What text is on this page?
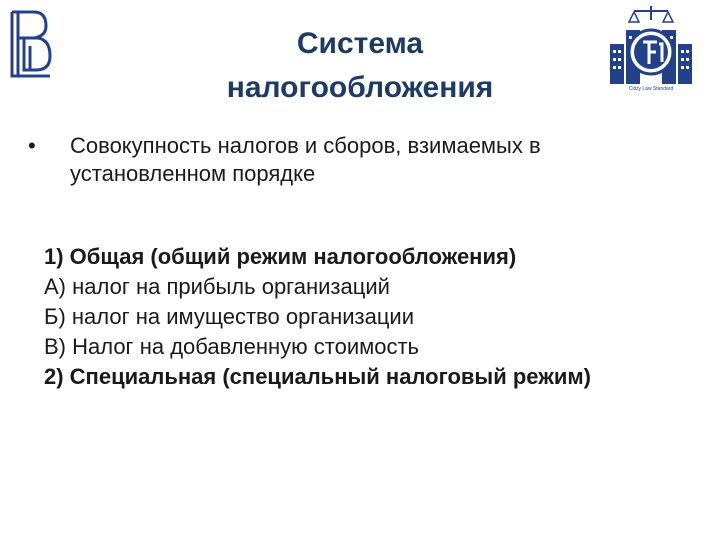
Citizy Law Standard
Система
налогообложения
•	Совокупность налогов и сборов, взимаемых в установленном порядке
1) Общая (общий режим налогообложения)
А) налог на прибыль организаций
Б) налог на имущество организации
В) Налог на добавленную стоимость
2) Специальная (специальный налоговый режим)
